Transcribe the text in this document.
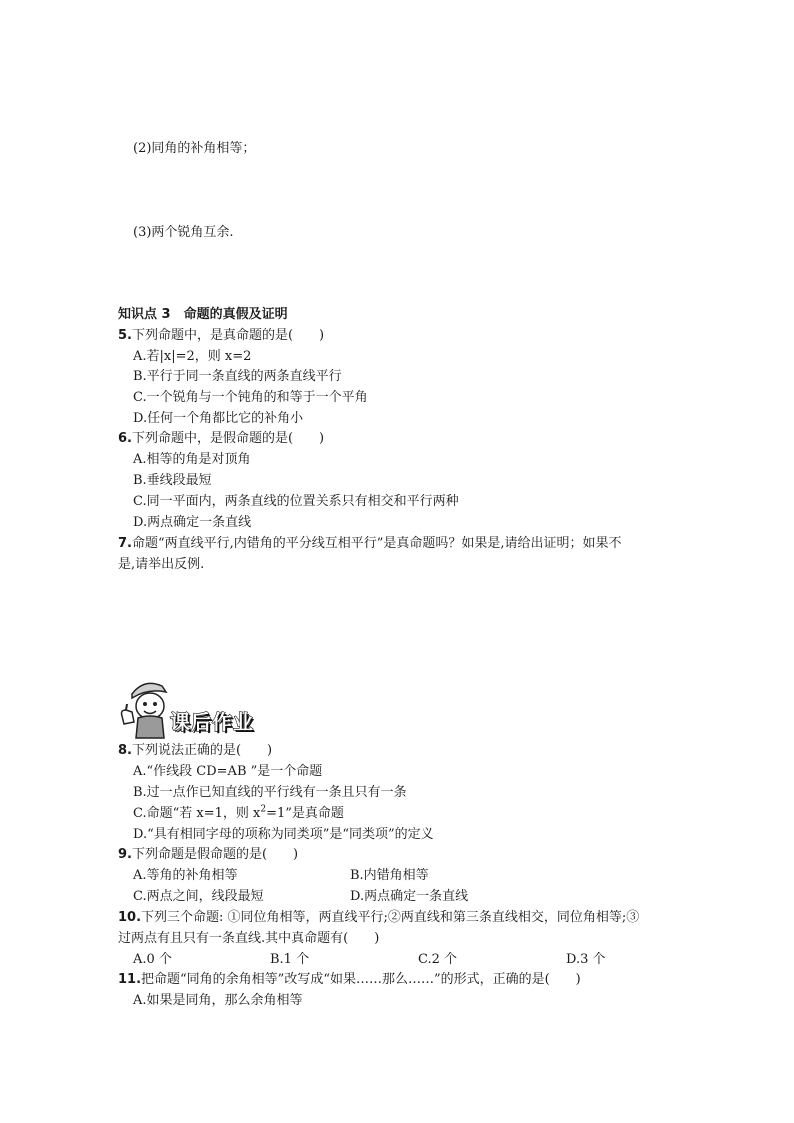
(2)同角的补角相等；
(3)两个锐角互余.
知识点 3　命题的真假及证明
5.下列命题中，是真命题的是(　　)
A.若|x|=2，则 x=2
B.平行于同一条直线的两条直线平行
C.一个锐角与一个钝角的和等于一个平角
D.任何一个角都比它的补角小
6.下列命题中，是假命题的是(　　)
A.相等的角是对顶角
B.垂线段最短
C.同一平面内，两条直线的位置关系只有相交和平行两种
D.两点确定一条直线
7.命题“两直线平行,内错角的平分线互相平行”是真命题吗？如果是,请给出证明；如果不
是,请举出反例.
课后作业
8.下列说法正确的是(　　)
A.“作线段 CD=AB ”是一个命题
B.过一点作已知直线的平行线有一条且只有一条
C.命题“若 x=1，则 $x^2=1$”是真命题
D.“具有相同字母的项称为同类项”是“同类项”的定义
9.下列命题是假命题的是(　　)
A.等角的补角相等	B.内错角相等
C.两点之间，线段最短	D.两点确定一条直线
10.下列三个命题: ①同位角相等，两直线平行;②两直线和第三条直线相交，同位角相等;③
过两点有且只有一条直线.其中真命题有(　　)
A.0 个	B.1 个	C.2 个	D.3 个
11.把命题“同角的余角相等”改写成“如果……那么……”的形式，正确的是(　　)
A.如果是同角，那么余角相等
